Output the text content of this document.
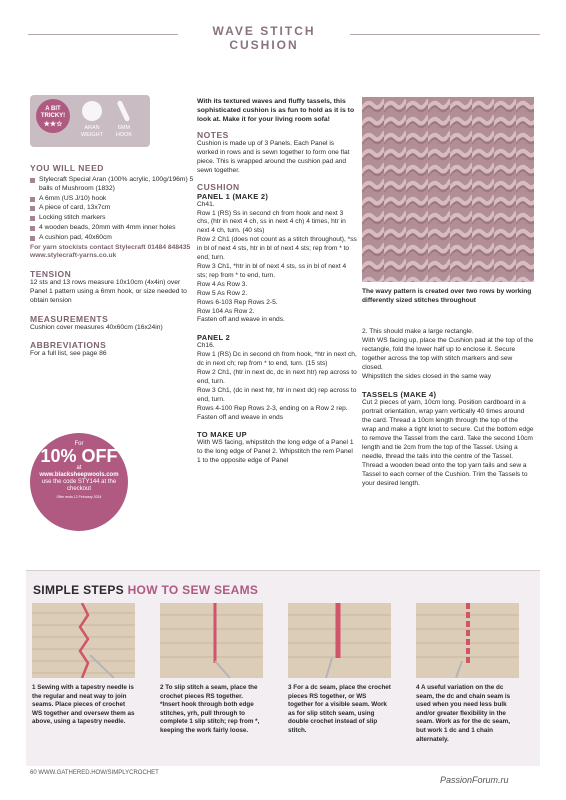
WAVE STITCH CUSHION
A BIT TRICKY!
★★☆	ARAN WEIGHT
6MM HOOK
YOU WILL NEED
Stylecraft Special Aran (100% acrylic, 100g/196m) 5 balls of Mushroom (1832)
A 6mm (US J/10) hook
A piece of card, 13x7cm
Locking stitch markers
4 wooden beads, 20mm with 4mm inner holes
A cushion pad, 40x60cm
For yarn stockists contact Stylecraft 01484 848435 www.stylecraft-yarns.co.uk
TENSION
12 sts and 13 rows measure 10x10cm (4x4in) over Panel 1 pattern using a 6mm hook, or size needed to obtain tension
MEASUREMENTS
Cushion cover measures 40x60cm (16x24in)
ABBREVIATIONS
For a full list, see page 86
For
10% OFF
at
www.blacksheepwools.com
use the code STY144 at the checkout
Offer ends 12 February 2024
With its textured waves and fluffy tassels, this sophisticated cushion is as fun to hold as it is to look at. Make it for your living room sofa!
NOTES
Cushion is made up of 3 Panels. Each Panel is worked in rows and is sewn together to form one flat piece. This is wrapped around the cushion pad and sewn together.
CUSHION
PANEL 1 (MAKE 2)
Ch41.
Row 1 (RS) Ss in second ch from hook and next 3 chs, (htr in next 4 ch, ss in next 4 ch) 4 times, htr in next 4 ch, turn. (40 sts)
Row 2 Ch1 (does not count as a stitch throughout), *ss in bl of next 4 sts, htr in bl of next 4 sts; rep from * to end, turn.
Row 3 Ch1, *htr in bl of next 4 sts, ss in bl of next 4 sts; rep from * to end, turn.
Row 4 As Row 3.
Row 5 As Row 2.
Rows 6-103 Rep Rows 2-5.
Row 104 As Row 2.
Fasten off and weave in ends.
PANEL 2
Ch16.
Row 1 (RS) Dc in second ch from hook, *htr in next ch, dc in next ch; rep from * to end, turn. (15 sts)
Row 2 Ch1, (htr in next dc, dc in next htr) rep across to end, turn.
Row 3 Ch1, (dc in next htr, htr in next dc) rep across to end, turn.
Rows 4-100 Rep Rows 2-3, ending on a Row 2 rep.
Fasten off and weave in ends
TO MAKE UP
With WS facing, whipstitch the long edge of a Panel 1 to the long edge of Panel 2. Whipstitch the rem Panel 1 to the opposite edge of Panel
The wavy pattern is created over two rows by working differently sized stitches throughout
2. This should make a large rectangle.
With WS facing up, place the Cushion pad at the top of the rectangle, fold the lower half up to enclose it. Secure together across the top with stitch markers and sew closed.
Whipstitch the sides closed in the same way
TASSELS (MAKE 4)
Cut 2 pieces of yarn, 10cm long. Position cardboard in a portrait orientation, wrap yarn vertically 40 times around the card. Thread a 10cm length through the top of the wrap and make a tight knot to secure. Cut the bottom edge to remove the Tassel from the card. Take the second 10cm length and tie 2cm from the top of the Tassel. Using a needle, thread the tails into the centre of the Tassel. Thread a wooden bead onto the top yarn tails and sew a Tassel to each corner of the Cushion. Trim the Tassels to your desired length.
SIMPLE STEPS HOW TO SEW SEAMS
1 Sewing with a tapestry needle is the regular and neat way to join seams. Place pieces of crochet WS together and oversew them as above, using a tapestry needle.
2 To slip stitch a seam, place the crochet pieces RS together. *Insert hook through both edge stitches, yrh, pull through to complete 1 slip stitch; rep from *, keeping the work fairly loose.
3 For a dc seam, place the crochet pieces RS together, or WS together for a visible seam. Work as for slip stitch seam, using double crochet instead of slip stitch.
4 A useful variation on the dc seam, the dc and chain seam is used when you need less bulk and/or greater flexibility in the seam. Work as for the dc seam, but work 1 dc and 1 chain alternately.
60 WWW.GATHERED.HOW/SIMPLYCROCHET
PassionForum.ru
